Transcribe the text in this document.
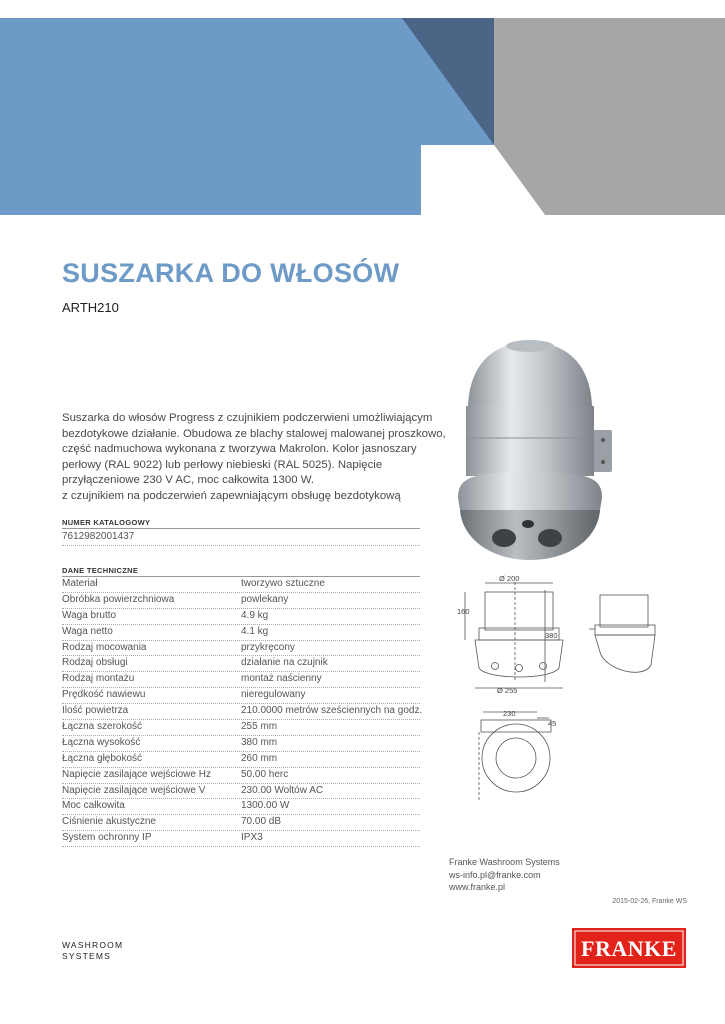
SUSZARKA DO WŁOSÓW
ARTH210
Suszarka do włosów Progress z czujnikiem podczerwieni umożliwiającym
bezdotykowe działanie. Obudowa ze blachy stalowej malowanej proszkowo,
część nadmuchowa wykonana z tworzywa Makrolon. Kolor jasnoszary
perłowy (RAL 9022) lub perłowy niebieski (RAL 5025). Napięcie
przyłączeniowe 230 V AC, moc całkowita 1300 W.
z czujnikiem na podczerwień zapewniającym obsługę bezdotykową
NUMER KATALOGOWY
7612982001437
DANE TECHNICZNE
Materiał	tworzywo sztuczne
Obróbka powierzchniowa	powlekany
Waga brutto	4.9 kg
Waga netto	4.1 kg
Rodzaj mocowania	przykręcony
Rodzaj obsługi	działanie na czujnik
Rodzaj montażu	montaż naścienny
Prędkość nawiewu	nieregulowany
Ilość powietrza	210.0000 metrów sześciennych na godz.
Łączna szerokość	255 mm
Łączna wysokość	380 mm
Łączna głębokość	260 mm
Napięcie zasilające wejściowe Hz	50.00 herc
Napięcie zasilające wejściowe V	230.00 Woltów AC
Moc całkowita	1300.00 W
Ciśnienie akustyczne	70.00 dB
System ochronny IP	IPX3
Ø 200
160
380
Ø 255
230
45
Franke Washroom Systems
ws-info.pl@franke.com
www.franke.pl
2015-02-26, Franke WS
WASHROOM
SYSTEMS	FRANKE
